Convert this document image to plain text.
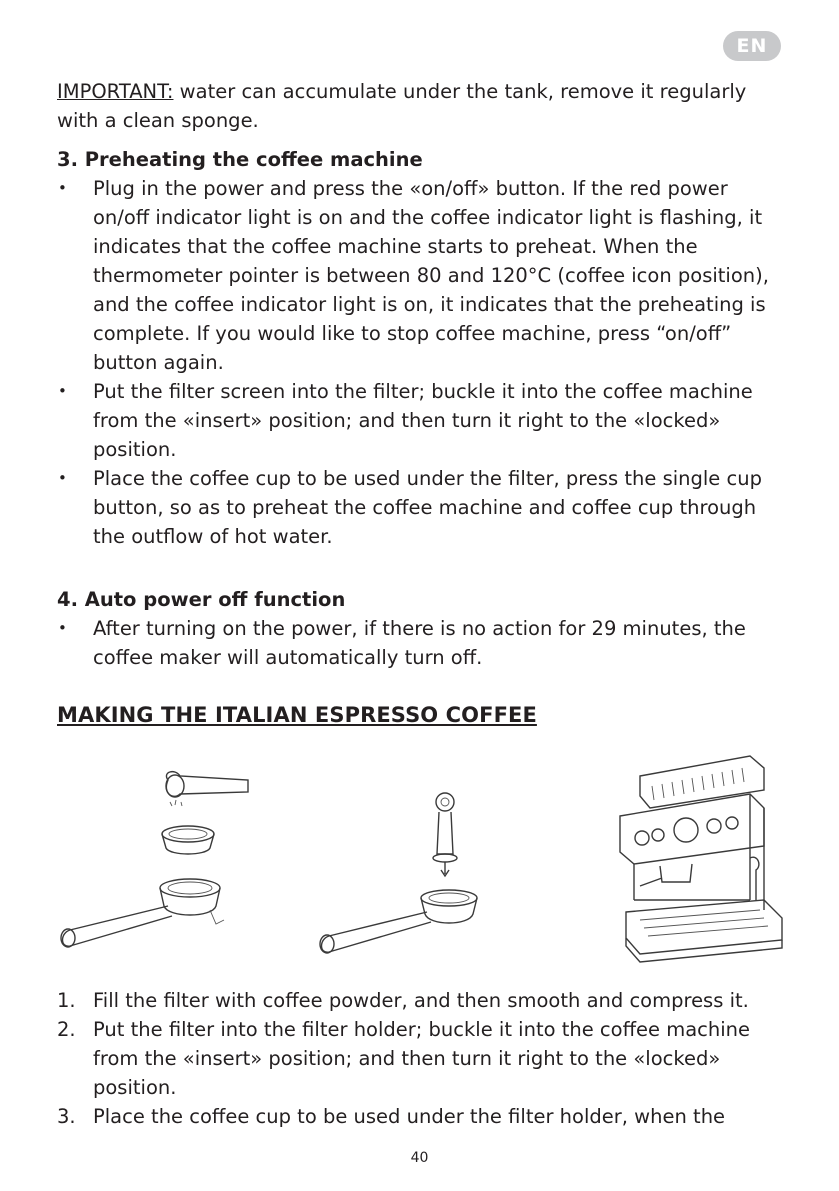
EN
IMPORTANT: water can accumulate under the tank, remove it regularly with a clean sponge.
3. Preheating the coffee machine
• Plug in the power and press the «on/off» button. If the red power on/off indicator light is on and the coffee indicator light is flashing, it indicates that the coffee machine starts to preheat. When the thermometer pointer is between 80 and 120°C (coffee icon position), and the coffee indicator light is on, it indicates that the preheating is complete. If you would like to stop coffee machine, press “on/off” button again.
• Put the filter screen into the filter; buckle it into the coffee machine from the «insert» position; and then turn it right to the «locked» position.
• Place the coffee cup to be used under the filter, press the single cup button, so as to preheat the coffee machine and coffee cup through the outflow of hot water.
4. Auto power off function
• After turning on the power, if there is no action for 29 minutes, the coffee maker will automatically turn off.
MAKING THE ITALIAN ESPRESSO COFFEE
1. Fill the filter with coffee powder, and then smooth and compress it.
2. Put the filter into the filter holder; buckle it into the coffee machine from the «insert» position; and then turn it right to the «locked» position.
3. Place the coffee cup to be used under the filter holder, when the
40
